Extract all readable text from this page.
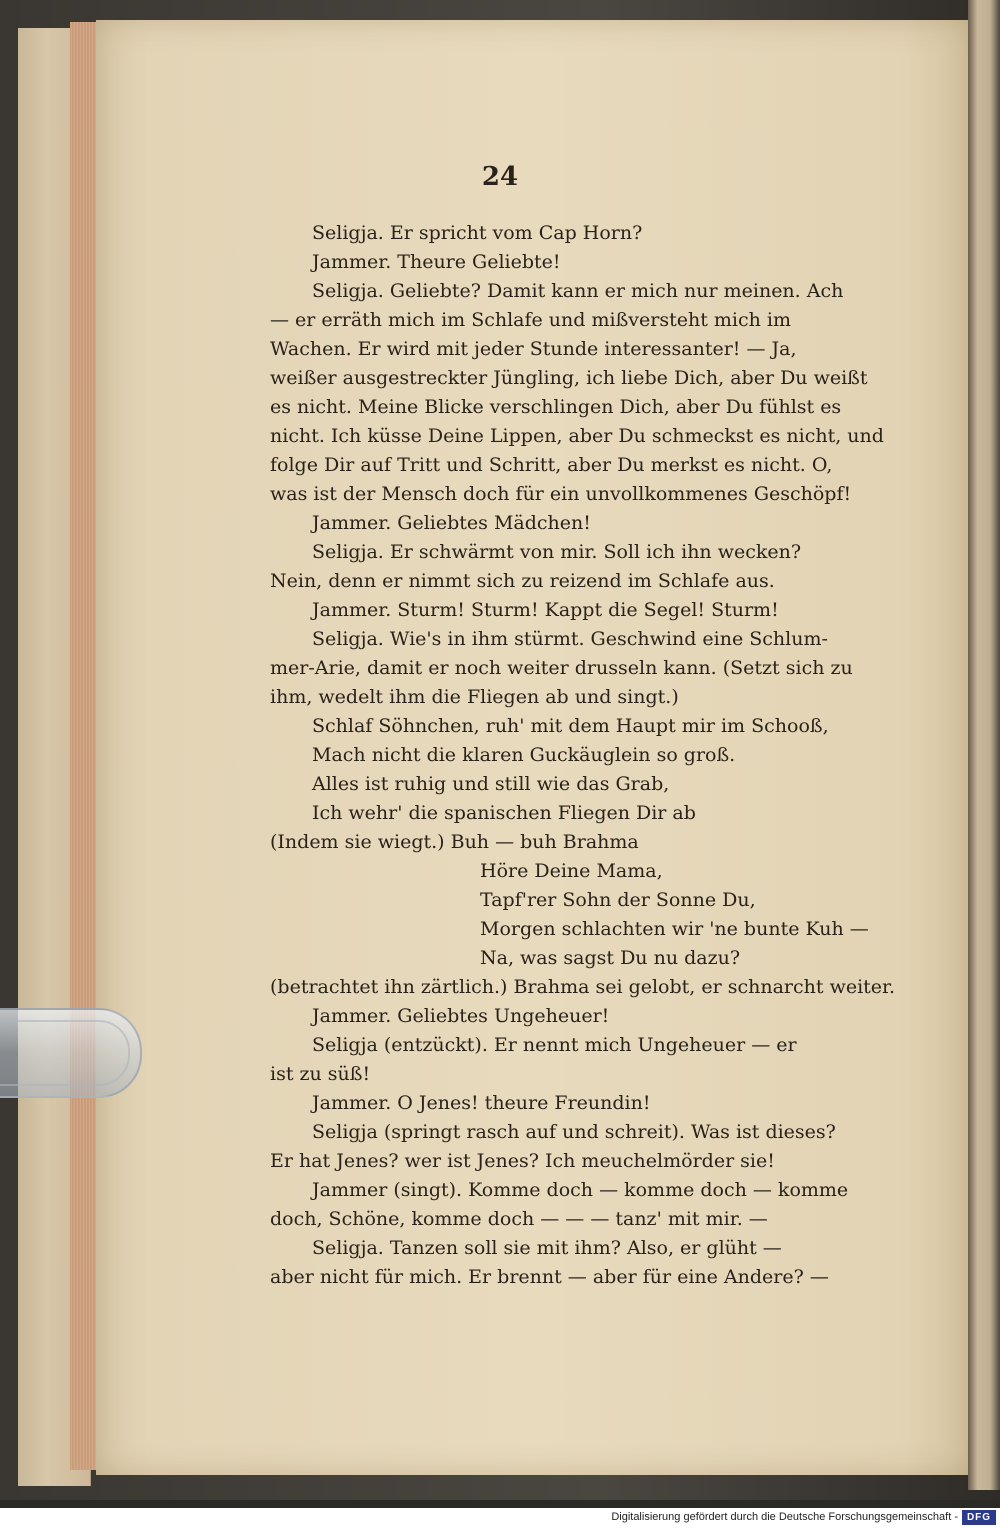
24
Seligja. Er spricht vom Cap Horn?
Jammer. Theure Geliebte!
Seligja. Geliebte? Damit kann er mich nur meinen. Ach
— er erräth mich im Schlafe und mißversteht mich im
Wachen. Er wird mit jeder Stunde interessanter! — Ja,
weißer ausgestreckter Jüngling, ich liebe Dich, aber Du weißt
es nicht. Meine Blicke verschlingen Dich, aber Du fühlst es
nicht. Ich küsse Deine Lippen, aber Du schmeckst es nicht, und
folge Dir auf Tritt und Schritt, aber Du merkst es nicht. O,
was ist der Mensch doch für ein unvollkommenes Geschöpf!
Jammer. Geliebtes Mädchen!
Seligja. Er schwärmt von mir. Soll ich ihn wecken?
Nein, denn er nimmt sich zu reizend im Schlafe aus.
Jammer. Sturm! Sturm! Kappt die Segel! Sturm!
Seligja. Wie's in ihm stürmt. Geschwind eine Schlum-
mer-Arie, damit er noch weiter drusseln kann. (Setzt sich zu
ihm, wedelt ihm die Fliegen ab und singt.)
Schlaf Söhnchen, ruh' mit dem Haupt mir im Schooß,
Mach nicht die klaren Guckäuglein so groß.
Alles ist ruhig und still wie das Grab,
Ich wehr' die spanischen Fliegen Dir ab
(Indem sie wiegt.) Buh — buh Brahma
Höre Deine Mama,
Tapf'rer Sohn der Sonne Du,
Morgen schlachten wir 'ne bunte Kuh —
Na, was sagst Du nu dazu?
(betrachtet ihn zärtlich.) Brahma sei gelobt, er schnarcht weiter.
Jammer. Geliebtes Ungeheuer!
Seligja (entzückt). Er nennt mich Ungeheuer — er
ist zu süß!
Jammer. O Jenes! theure Freundin!
Seligja (springt rasch auf und schreit). Was ist dieses?
Er hat Jenes? wer ist Jenes? Ich meuchelmörder sie!
Jammer (singt). Komme doch — komme doch — komme
doch, Schöne, komme doch — — — tanz' mit mir. —
Seligja. Tanzen soll sie mit ihm? Also, er glüht —
aber nicht für mich. Er brennt — aber für eine Andere? —
Digitalisierung gefördert durch die Deutsche Forschungsgemeinschaft - DFG
